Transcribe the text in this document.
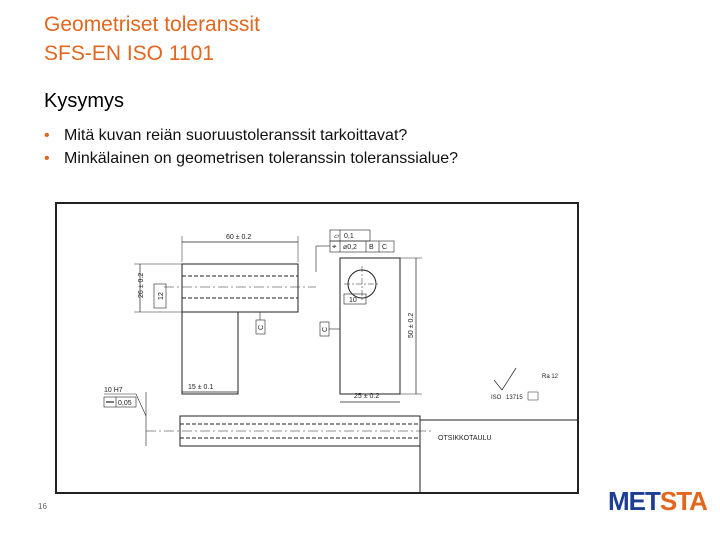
Geometriset toleranssit
SFS-EN ISO 1101
Kysymys
• Mitä kuvan reiän suoruustoleranssit tarkoittavat?
• Minkälainen on geometrisen toleranssin toleranssialue?
60 ± 0.2
26 ± 0.2 12
C	C
▱ 0,1
⌖ ⌀0,2 B C
10
50 ± 0.2
15 ± 0.1
25 ± 0.2
10 H7
0,05
Ra 12
ISO 13715
OTSIKKOTAULU
16	METSTA
